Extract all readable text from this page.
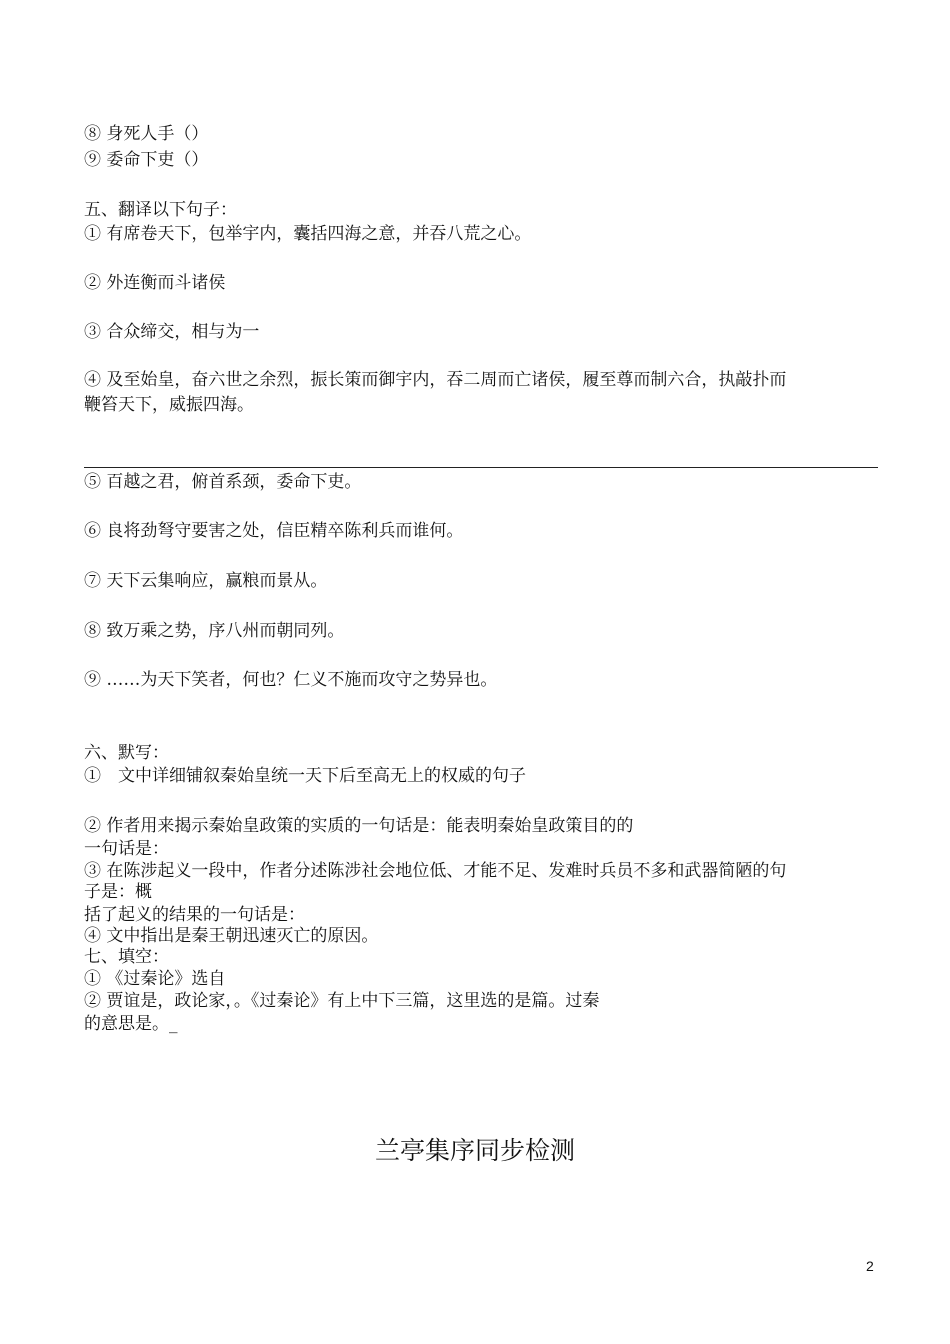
⑧ 身死人手（）
⑨ 委命下吏（）
五、翻译以下句子：
① 有席卷天下，包举宇内，囊括四海之意，并吞八荒之心。
② 外连衡而斗诸侯
③ 合众缔交，相与为一
④ 及至始皇，奋六世之余烈，振长策而御宇内，吞二周而亡诸侯，履至尊而制六合，执敲扑而
鞭笞天下，威振四海。
⑤ 百越之君，俯首系颈，委命下吏。
⑥ 良将劲弩守要害之处，信臣精卒陈利兵而谁何。
⑦ 天下云集响应，赢粮而景从。
⑧ 致万乘之势，序八州而朝同列。
⑨ ……为天下笑者，何也？仁义不施而攻守之势异也。
六、默写：
①　文中详细铺叙秦始皇统一天下后至高无上的权威的句子
② 作者用来揭示秦始皇政策的实质的一句话是：能表明秦始皇政策目的的
一句话是：
③ 在陈涉起义一段中，作者分述陈涉社会地位低、才能不足、发难时兵员不多和武器简陋的句
子是：概
括了起义的结果的一句话是：
④ 文中指出是秦王朝迅速灭亡的原因。
七、填空：
① 《过秦论》选自
② 贾谊是，政论家，。《过秦论》有上中下三篇，这里选的是篇。过秦
的意思是。_
兰亭集序同步检测
2
